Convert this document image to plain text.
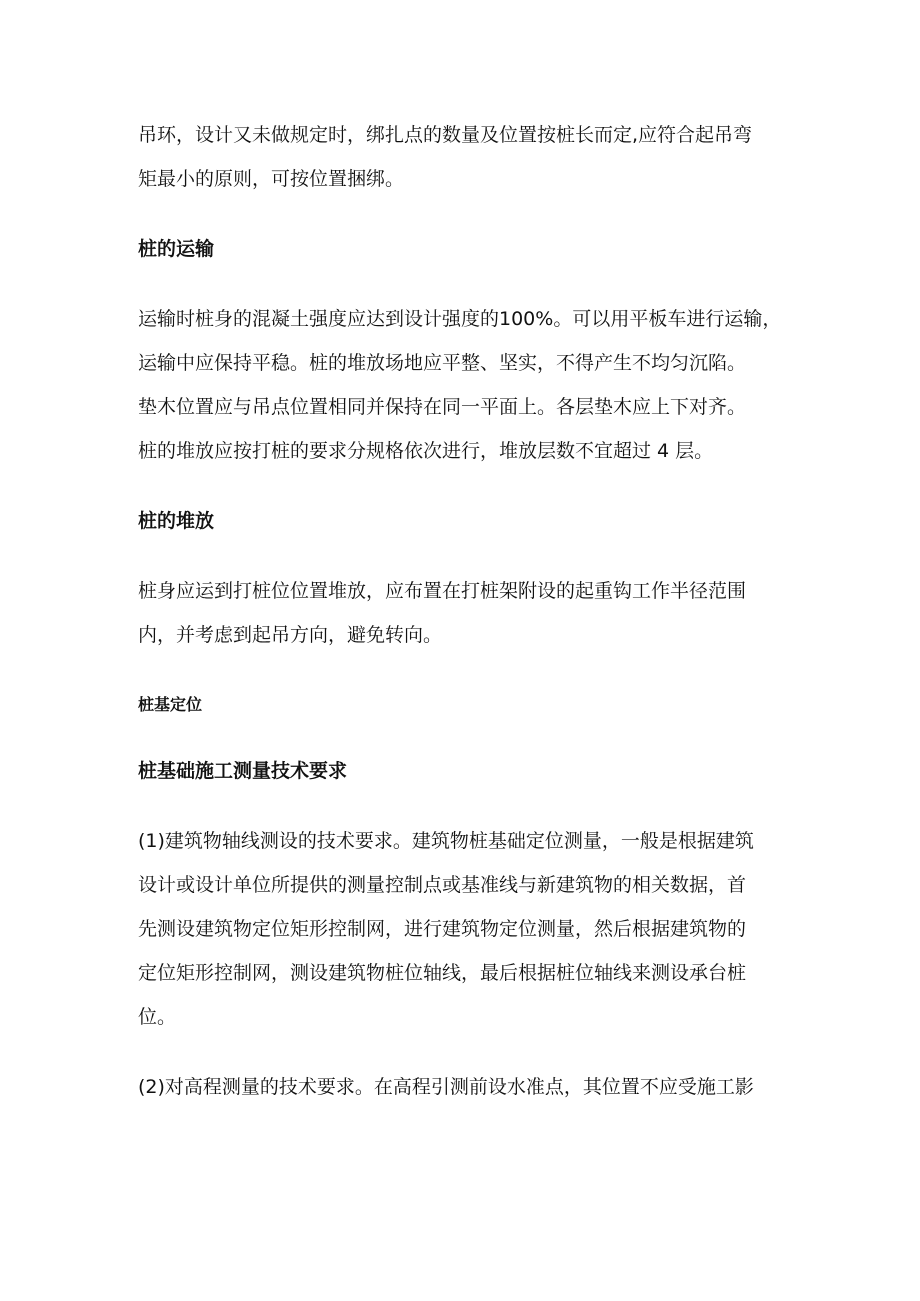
吊环，设计又未做规定时，绑扎点的数量及位置按桩长而定,应符合起吊弯
矩最小的原则，可按位置捆绑。

桩的运输

运输时桩身的混凝土强度应达到设计强度的100%。可以用平板车进行运输，
运输中应保持平稳。桩的堆放场地应平整、坚实，不得产生不均匀沉陷。
垫木位置应与吊点位置相同并保持在同一平面上。各层垫木应上下对齐。
桩的堆放应按打桩的要求分规格依次进行，堆放层数不宜超过 4 层。

桩的堆放

桩身应运到打桩位位置堆放，应布置在打桩架附设的起重钩工作半径范围
内，并考虑到起吊方向，避免转向。

桩基定位
桩基础施工测量技术要求

(1)建筑物轴线测设的技术要求。建筑物桩基础定位测量，一般是根据建筑
设计或设计单位所提供的测量控制点或基准线与新建筑物的相关数据，首
先测设建筑物定位矩形控制网，进行建筑物定位测量，然后根据建筑物的
定位矩形控制网，测设建筑物桩位轴线，最后根据桩位轴线来测设承台桩
位。

(2)对高程测量的技术要求。在高程引测前设水准点，其位置不应受施工影
